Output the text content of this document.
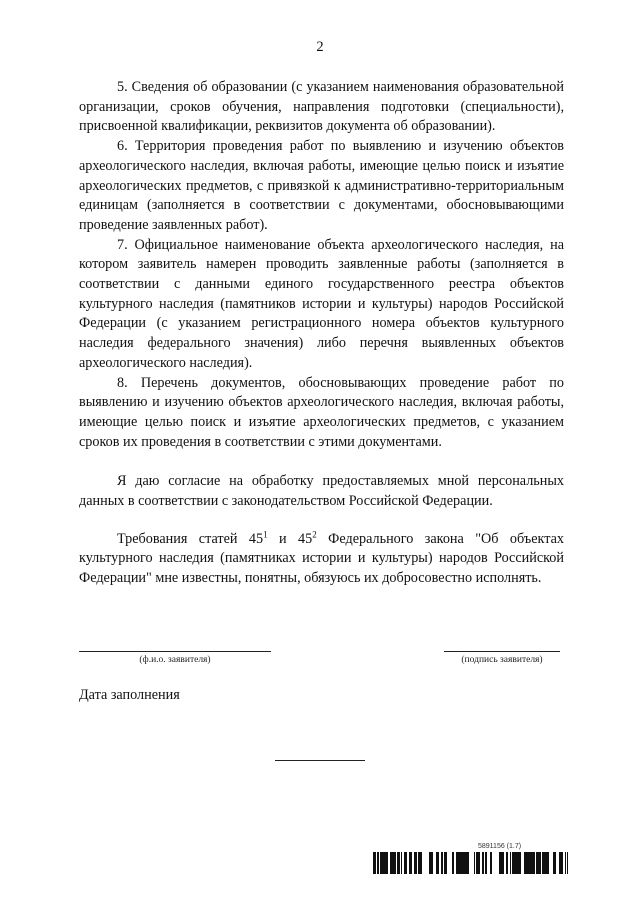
2

5. Сведения об образовании (с указанием наименования образовательной организации, сроков обучения, направления подготовки (специальности), присвоенной квалификации, реквизитов документа об образовании).

6. Территория проведения работ по выявлению и изучению объектов археологического наследия, включая работы, имеющие целью поиск и изъятие археологических предметов, с привязкой к административно-территориальным единицам (заполняется в соответствии с документами, обосновывающими проведение заявленных работ).

7. Официальное наименование объекта археологического наследия, на котором заявитель намерен проводить заявленные работы (заполняется в соответствии с данными единого государственного реестра объектов культурного наследия (памятников истории и культуры) народов Российской Федерации (с указанием регистрационного номера объектов культурного наследия федерального значения) либо перечня выявленных объектов археологического наследия).

8. Перечень документов, обосновывающих проведение работ по выявлению и изучению объектов археологического наследия, включая работы, имеющие целью поиск и изъятие археологических предметов, с указанием сроков их проведения в соответствии с этими документами.

Я даю согласие на обработку предоставляемых мной персональных данных в соответствии с законодательством Российской Федерации.

Требования статей $45^1$ и $45^2$ Федерального закона "Об объектах культурного наследия (памятниках истории и культуры) народов Российской Федерации" мне известны, понятны, обязуюсь их добросовестно исполнять.

(ф.и.о. заявителя)	(подпись заявителя)
Дата заполнения
5891156 (1.7)
